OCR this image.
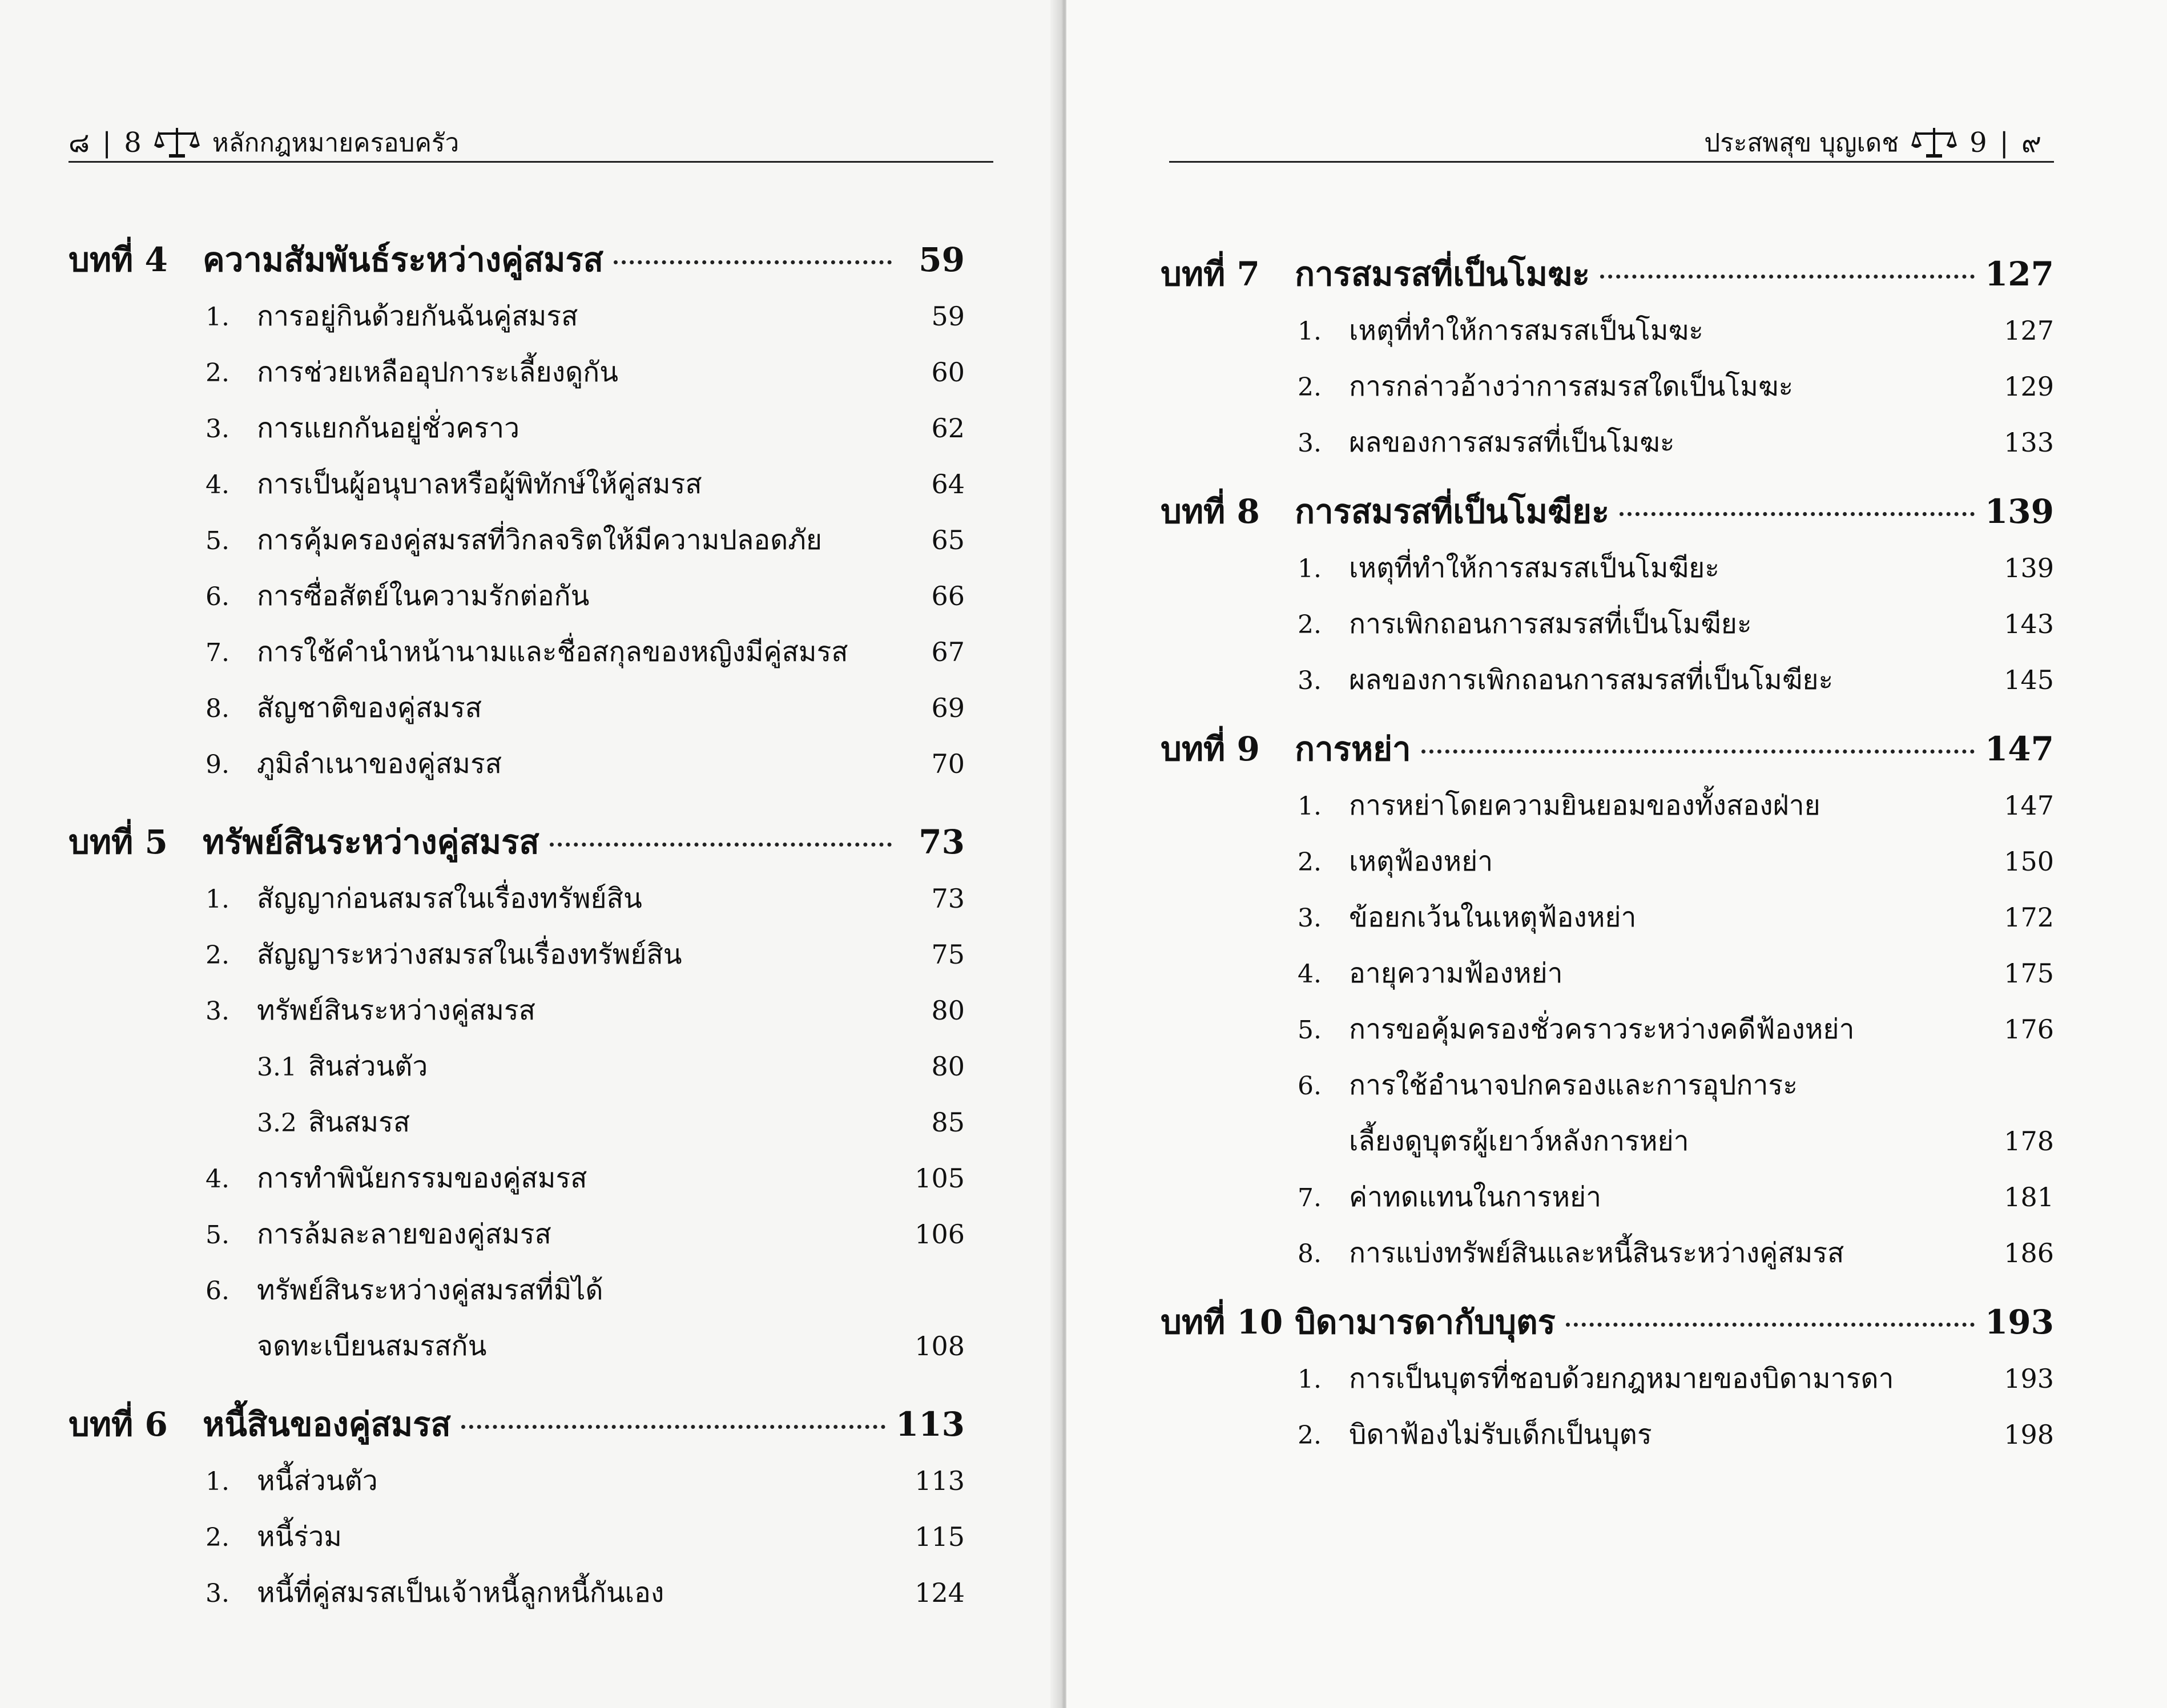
๘ | 8	หลักกฎหมายครอบครัว
บทที่ 4	ความสัมพันธ์ระหว่างคู่สมรส	59
1.	การอยู่กินด้วยกันฉันคู่สมรส	59
2.	การช่วยเหลืออุปการะเลี้ยงดูกัน	60
3.	การแยกกันอยู่ชั่วคราว	62
4.	การเป็นผู้อนุบาลหรือผู้พิทักษ์ให้คู่สมรส	64
5.	การคุ้มครองคู่สมรสที่วิกลจริตให้มีความปลอดภัย	65
6.	การซื่อสัตย์ในความรักต่อกัน	66
7.	การใช้คำนำหน้านามและชื่อสกุลของหญิงมีคู่สมรส	67
8.	สัญชาติของคู่สมรส	69
9.	ภูมิลำเนาของคู่สมรส	70
บทที่ 5	ทรัพย์สินระหว่างคู่สมรส	73
1.	สัญญาก่อนสมรสในเรื่องทรัพย์สิน	73
2.	สัญญาระหว่างสมรสในเรื่องทรัพย์สิน	75
3.	ทรัพย์สินระหว่างคู่สมรส	80
3.1 สินส่วนตัว	80
3.2 สินสมรส	85
4.	การทำพินัยกรรมของคู่สมรส	105
5.	การล้มละลายของคู่สมรส	106
6.	ทรัพย์สินระหว่างคู่สมรสที่มิได้
จดทะเบียนสมรสกัน	108
บทที่ 6	หนี้สินของคู่สมรส	113
1.	หนี้ส่วนตัว	113
2.	หนี้ร่วม	115
3.	หนี้ที่คู่สมรสเป็นเจ้าหนี้ลูกหนี้กันเอง	124
ประสพสุข บุญเดช	9 | ๙
บทที่ 7	การสมรสที่เป็นโมฆะ	127
1.	เหตุที่ทำให้การสมรสเป็นโมฆะ	127
2.	การกล่าวอ้างว่าการสมรสใดเป็นโมฆะ	129
3.	ผลของการสมรสที่เป็นโมฆะ	133
บทที่ 8	การสมรสที่เป็นโมฆียะ	139
1.	เหตุที่ทำให้การสมรสเป็นโมฆียะ	139
2.	การเพิกถอนการสมรสที่เป็นโมฆียะ	143
3.	ผลของการเพิกถอนการสมรสที่เป็นโมฆียะ	145
บทที่ 9	การหย่า	147
1.	การหย่าโดยความยินยอมของทั้งสองฝ่าย	147
2.	เหตุฟ้องหย่า	150
3.	ข้อยกเว้นในเหตุฟ้องหย่า	172
4.	อายุความฟ้องหย่า	175
5.	การขอคุ้มครองชั่วคราวระหว่างคดีฟ้องหย่า	176
6.	การใช้อำนาจปกครองและการอุปการะ
เลี้ยงดูบุตรผู้เยาว์หลังการหย่า	178
7.	ค่าทดแทนในการหย่า	181
8.	การแบ่งทรัพย์สินและหนี้สินระหว่างคู่สมรส	186
บทที่ 10 บิดามารดากับบุตร	193
1.	การเป็นบุตรที่ชอบด้วยกฎหมายของบิดามารดา	193
2.	บิดาฟ้องไม่รับเด็กเป็นบุตร	198
